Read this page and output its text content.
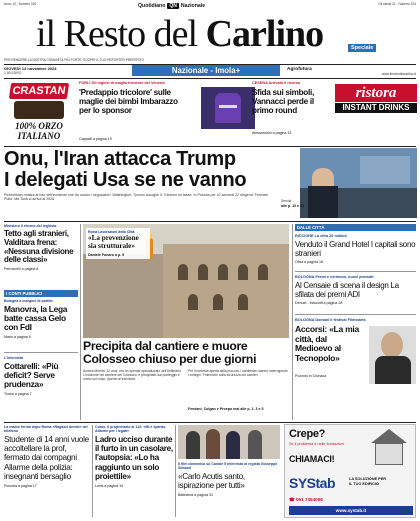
Anno 10 - Numero 324	Quotidiano QN Nazionale	Gli stessi 31 - Numero 324
il Resto del Carlino	Speciale
PER RENDERE LA NOSTRA COMUNITÀ PIÙ FORTE, SCOPRI IL TUO REPORTER PREFERITO
GIOVEDÌ 14 novembre 2024
1,80 EURO	Nazionale - Imola+	Agrofutura
www.ilrestodelcarlino.it
CRASTAN
100% ORZO
ITALIANO
FORLÌ Gli inglesi di maglia tricolore del Venerdì
'Predappio tricolore' sulle maglie dei bimbi Imbarazzo per lo sponsor
Cappelli a pagina 19
CESENA Arrivato il ricorso
Sfida sui simboli, Vannacci perde il primo round
Alessandrini a pagina 19
ristora
INSTANT DRINKS
Onu, l'Iran attacca Trump
I delegati Usa se ne vanno
Pezeshkian mostra al foto dell'incidente che ha ucciso i negoziatori. Washington: Tycoon accoglie X. Elezioni no tasse. In Polonia per 42 secondi 22 dirigenti: Fermare Putin. Ma Tusk ci arriva al 2026	Servizi
alle p. 10 e 11
Ministero Il ritorno del leghista
Tetto agli stranieri, Valditara frena: «Nessuna divisione delle classi»
Petruccelli a pagina 8
I CONTI PUBBLICI
Bologna a margine di partito
Manovra, la Lega batte cassa Gelo con FdI
Marin a pagina 9
L'intervista
Cottarelli: «Più deficit? Serve prudenza»
Troise a pagina 7
Roma Lavorazioni della Città
«La prevenzione sia strutturale»
Daniele Funaro a p. 5
Precipita dal cantiere e muore Colosseo chiuso per due giorni
Andrea Moretti, 32 anni, era un operaio specializzato dell'Anfiteatro. L'incidente nel cantiere del Colosseo: è precipitato dal ponteggio e morto sul colpo. Aperta un'inchiesta.
Per l'inchiesta aperta dalla procura, i carabinieri stanno interrogando i colleghi. Polemiche sulla sicurezza dei cantieri.
Femiani, Colgan e Proepo mai alle p. 2, 3 e 5
DALLE CITTÀ
RICCIONE La cifra 20 milioni
Venduto il Grand Hotel I capitali sono stranieri
Oliva a pagina 18
BOLOGNA Premi e cerimoni, nuovi prodotti
Al Censaie di scena il design La sfilata dei premi ADI
Denuel - Maurotti a pagina 28
BOLOGNA Domani il festival Filmstarts
Accorsi: «La mia città, dal Medioevo al Tecnopolo»
Pozzolo in Cronaca
La madre ferma dopo Roma «Ragazzi devoti» del telefono
Studente di 14 anni vuole accoltellare la prof, fermato dai compagni Allarme della polizia: insegnanti bersaglio
Ponchia a pagina 17
Como, il proprietario al 112: «Mi è sparito. Allarme per i legati»
Ladro ucciso durante il furto in un casolare, l'autopsia: «Lo ha raggiunto un solo proiettile»
Levis a pagina 19
Il film domenica su Canale 5 Intervista al regista Giuseppe Sebasti
«Carlo Acutis santo, ispirazione per tutti»
Battistera a pagina 31
Crepe?
Se il problema è nelle fondazioni
CHIAMACI!
SYStab	LA SOLUZIONE PER
IL TUO EDIFICIO
☎ 051 7454006
www.systab.it
